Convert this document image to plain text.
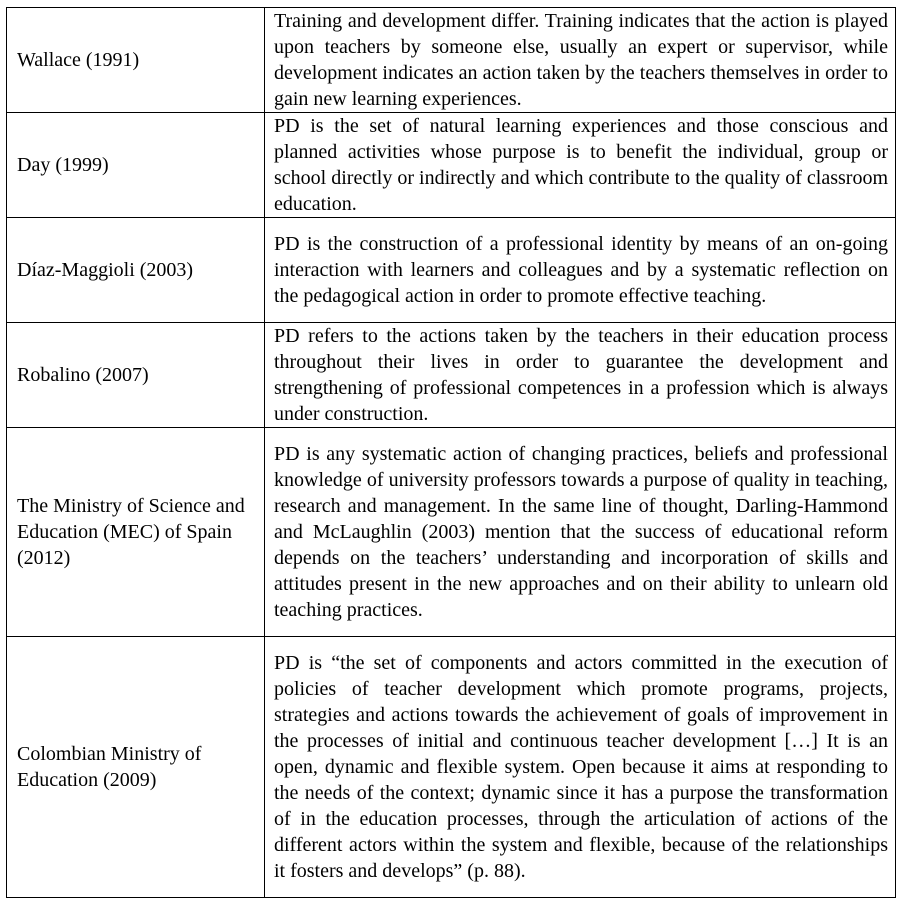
Wallace (1991)	Training and development differ. Training indicates that the action is played upon teachers by someone else, usually an expert or supervisor, while development indicates an action taken by the teachers themselves in order to gain new learning experiences.
Day (1999)	PD is the set of natural learning experiences and those conscious and planned activities whose purpose is to benefit the individual, group or school directly or indirectly and which contribute to the quality of classroom education.
Díaz-Maggioli (2003)	PD is the construction of a professional identity by means of an on-going interaction with learners and colleagues and by a systematic reflection on the pedagogical action in order to promote effective teaching.
Robalino (2007)	PD refers to the actions taken by the teachers in their education process throughout their lives in order to guarantee the development and strengthening of professional competences in a profession which is always under construction.
The Ministry of Science and Education (MEC) of Spain (2012)	PD is any systematic action of changing practices, beliefs and professional knowledge of university professors towards a purpose of quality in teaching, research and management. In the same line of thought, Darling-Hammond and McLaughlin (2003) mention that the success of educational reform depends on the teachers’ understanding and incorporation of skills and attitudes present in the new approaches and on their ability to unlearn old teaching practices.
Colombian Ministry of Education (2009)	PD is “the set of components and actors committed in the execution of policies of teacher development which promote programs, projects, strategies and actions towards the achievement of goals of improvement in the processes of initial and continuous teacher development […] It is an open, dynamic and flexible system. Open because it aims at responding to the needs of the context; dynamic since it has a purpose the transformation of in the education processes, through the articulation of actions of the different actors within the system and flexible, because of the relationships it fosters and develops” (p. 88).
